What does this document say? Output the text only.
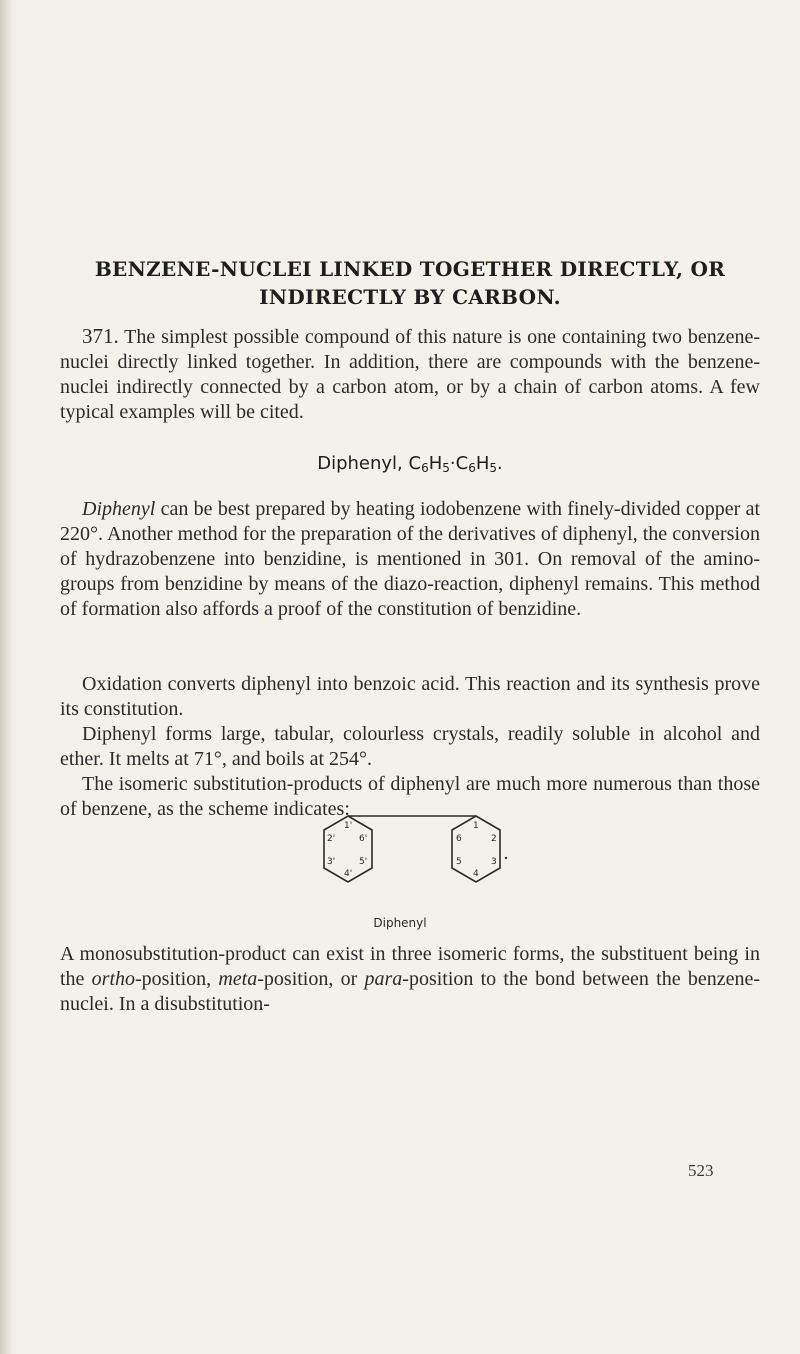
BENZENE-NUCLEI LINKED TOGETHER DIRECTLY, OR
INDIRECTLY BY CARBON.
371. The simplest possible compound of this nature is one containing two benzene-nuclei directly linked together. In addition, there are compounds with the benzene-nuclei indirectly connected by a carbon atom, or by a chain of carbon atoms. A few typical examples will be cited.
Diphenyl, $C_6H_5\cdot C_6H_5$.
Diphenyl can be best prepared by heating iodobenzene with finely-divided copper at 220°. Another method for the preparation of the derivatives of diphenyl, the conversion of hydrazobenzene into benzidine, is mentioned in 301. On removal of the amino-groups from benzidine by means of the diazo-reaction, diphenyl remains. This method of formation also affords a proof of the constitution of benzidine.
Oxidation converts diphenyl into benzoic acid. This reaction and its synthesis prove its constitution.
Diphenyl forms large, tabular, colourless crystals, readily soluble in alcohol and ether. It melts at 71°, and boils at 254°.
The isomeric substitution-products of diphenyl are much more numerous than those of benzene, as the scheme indicates:
1'
2'	6'
3'	5'
4'
1
6	2
5	3
4
Diphenyl
A monosubstitution-product can exist in three isomeric forms, the substituent being in the ortho-position, meta-position, or para-position to the bond between the benzene-nuclei. In a disubstitution-
523
